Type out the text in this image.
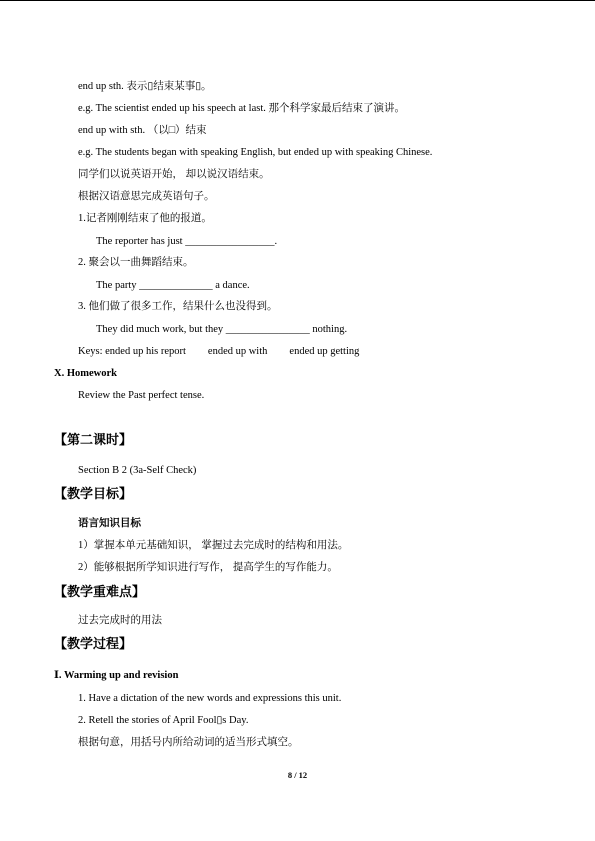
end up sth. 表示▯结束某事▯。
e.g. The scientist ended up his speech at last. 那个科学家最后结束了演讲。
end up with sth. （以□）结束
e.g. The students began with speaking English, but ended up with speaking Chinese.
同学们以说英语开始， 却以说汉语结束。
根据汉语意思完成英语句子。
1.记者刚刚结束了他的报道。
The reporter has just _________________.
2. 聚会以一曲舞蹈结束。
The party ______________ a dance.
3. 他们做了很多工作，结果什么也没得到。
They did much work, but they ________________ nothing.
Keys: ended up his report ended up with ended up getting
X. Homework
Review the Past perfect tense.
【第二课时】
Section B 2 (3a-Self Check)
【教学目标】
语言知识目标
1）掌握本单元基础知识， 掌握过去完成时的结构和用法。
2）能够根据所学知识进行写作， 提高学生的写作能力。
【教学重难点】
过去完成时的用法
【教学过程】
Ⅰ. Warming up and revision
1. Have a dictation of the new words and expressions this unit.
2. Retell the stories of April Fool▯s Day.
根据句意，用括号内所给动词的适当形式填空。
8 / 12
